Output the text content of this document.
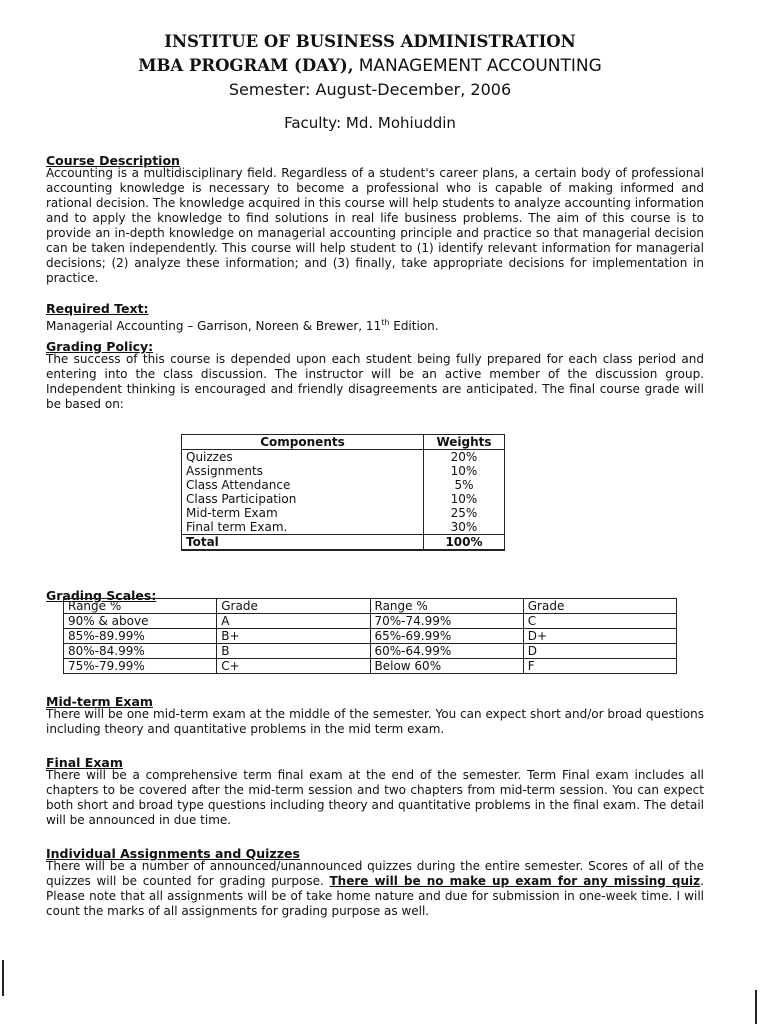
INSTITUE OF BUSINESS ADMINISTRATION
MBA PROGRAM (DAY), MANAGEMENT ACCOUNTING
Semester: August-December, 2006
Faculty: Md. Mohiuddin
Course Description
Accounting is a multidisciplinary field. Regardless of a student's career plans, a certain body of professional accounting knowledge is necessary to become a professional who is capable of making informed and rational decision. The knowledge acquired in this course will help students to analyze accounting information and to apply the knowledge to find solutions in real life business problems. The aim of this course is to provide an in-depth knowledge on managerial accounting principle and practice so that managerial decision can be taken independently. This course will help student to (1) identify relevant information for managerial decisions; (2) analyze these information; and (3) finally, take appropriate decisions for implementation in practice.
Required Text:
Managerial Accounting – Garrison, Noreen & Brewer, 11th Edition.
Grading Policy:
The success of this course is depended upon each student being fully prepared for each class period and entering into the class discussion. The instructor will be an active member of the discussion group. Independent thinking is encouraged and friendly disagreements are anticipated. The final course grade will be based on:
Components	Weights
Quizzes	20%
Assignments	10%
Class Attendance	5%
Class Participation	10%
Mid-term Exam	25%
Final term Exam.	30%
Total	100%
Grading Scales:
Range %	Grade	Range %	Grade
90% & above	A	70%-74.99%	C
85%-89.99%	B+	65%-69.99%	D+
80%-84.99%	B	60%-64.99%	D
75%-79.99%	C+	Below 60%	F
Mid-term Exam
There will be one mid-term exam at the middle of the semester. You can expect short and/or broad questions including theory and quantitative problems in the mid term exam.
Final Exam
There will be a comprehensive term final exam at the end of the semester. Term Final exam includes all chapters to be covered after the mid-term session and two chapters from mid-term session. You can expect both short and broad type questions including theory and quantitative problems in the final exam. The detail will be announced in due time.
Individual Assignments and Quizzes
There will be a number of announced/unannounced quizzes during the entire semester. Scores of all of the quizzes will be counted for grading purpose. There will be no make up exam for any missing quiz. Please note that all assignments will be of take home nature and due for submission in one-week time. I will count the marks of all assignments for grading purpose as well.
